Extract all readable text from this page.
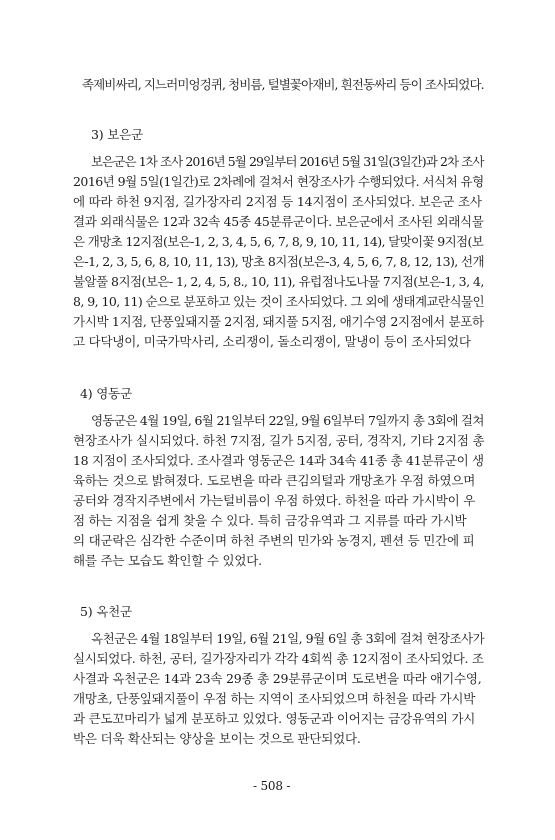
족제비싸리, 지느러미엉겅퀴, 청비름, 털별꽃아재비, 흰전동싸리 등이 조사되었다.
3) 보은군
보은군은 1차 조사 2016년 5월 29일부터 2016년 5월 31일(3일간)과 2차 조사
2016년 9월 5일(1일간)로 2차례에 걸쳐서 현장조사가 수행되었다. 서식처 유형
에 따라 하천 9지점, 길가장자리 2지점 등 14지점이 조사되었다. 보은군 조사
결과 외래식물은 12과 32속 45종 45분류군이다. 보은군에서 조사된 외래식물
은 개망초 12지점(보은-1, 2, 3, 4, 5, 6, 7, 8, 9, 10, 11, 14), 달맞이꽃 9지점(보
은-1, 2, 3, 5, 6, 8, 10, 11, 13), 망초 8지점(보은-3, 4, 5, 6, 7, 8, 12, 13), 선개
불알풀 8지점(보은- 1, 2, 4, 5, 8., 10, 11), 유럽점나도나물 7지점(보은-1, 3, 4,
8, 9, 10, 11) 순으로 분포하고 있는 것이 조사되었다. 그 외에 생태계교란식물인
가시박 1지점, 단풍잎돼지풀 2지점, 돼지풀 5지점, 애기수영 2지점에서 분포하
고 다닥냉이, 미국가막사리, 소리쟁이, 돌소리쟁이, 말냉이 등이 조사되었다
4) 영동군
영동군은 4월 19일, 6월 21일부터 22일, 9월 6일부터 7일까지 총 3회에 걸쳐
현장조사가 실시되었다. 하천 7지점, 길가 5지점, 공터, 경작지, 기타 2지점 총
18 지점이 조사되었다. 조사결과 영동군은 14과 34속 41종 총 41분류군이 생
육하는 것으로 밝혀졌다. 도로변을 따라 큰김의털과 개망초가 우점 하였으며
공터와 경작지주변에서 가는털비름이 우점 하였다. 하천을 따라 가시박이 우
점 하는 지점을 쉽게 찾을 수 있다. 특히 금강유역과 그 지류를 따라 가시박
의 대군락은 심각한 수준이며 하천 주변의 민가와 농경지, 펜션 등 민간에 피
해를 주는 모습도 확인할 수 있었다.
5) 옥천군
옥천군은 4월 18일부터 19일, 6월 21일, 9월 6일 총 3회에 걸쳐 현장조사가
실시되었다. 하천, 공터, 길가장자리가 각각 4회씩 총 12지점이 조사되었다. 조
사결과 옥천군은 14과 23속 29종 총 29분류군이며 도로변을 따라 애기수영,
개망초, 단풍잎돼지풀이 우점 하는 지역이 조사되었으며 하천을 따라 가시박
과 큰도꼬마리가 넓게 분포하고 있었다. 영동군과 이어지는 금강유역의 가시
박은 더욱 확산되는 양상을 보이는 것으로 판단되었다.
- 508 -
